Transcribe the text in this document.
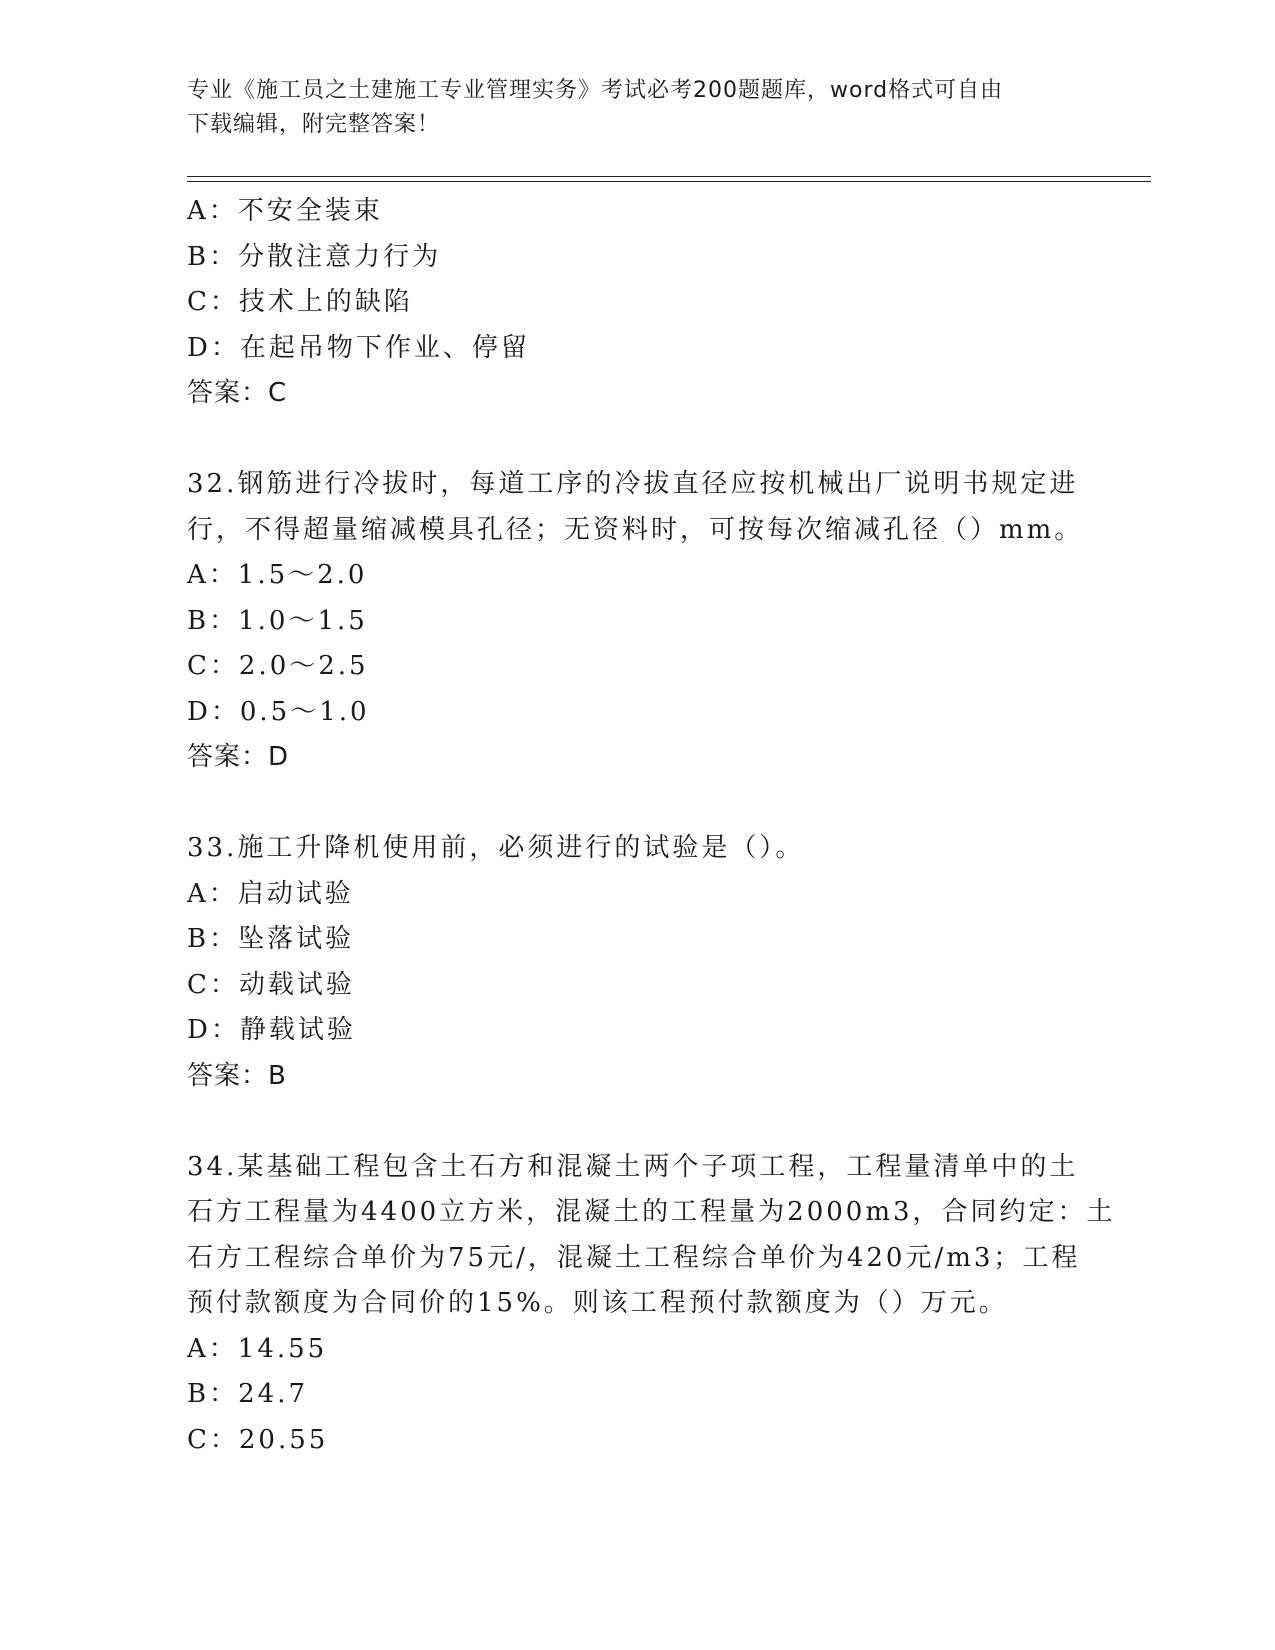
专业《施工员之土建施工专业管理实务》考试必考200题题库，word格式可自由
下载编辑，附完整答案！
A：不安全装束
B：分散注意力行为
C：技术上的缺陷
D：在起吊物下作业、停留
答案：C
32.钢筋进行冷拔时，每道工序的冷拔直径应按机械出厂说明书规定进
行，不得超量缩减模具孔径；无资料时，可按每次缩减孔径（）mm。
A：1.5～2.0
B：1.0～1.5
C：2.0～2.5
D：0.5～1.0
答案：D
33.施工升降机使用前，必须进行的试验是（）。
A：启动试验
B：坠落试验
C：动载试验
D：静载试验
答案：B
34.某基础工程包含土石方和混凝土两个子项工程，工程量清单中的土
石方工程量为4400立方米，混凝土的工程量为2000m3，合同约定：土
石方工程综合单价为75元/，混凝土工程综合单价为420元/m3；工程
预付款额度为合同价的15%。则该工程预付款额度为（）万元。
A：14.55
B：24.7
C：20.55
